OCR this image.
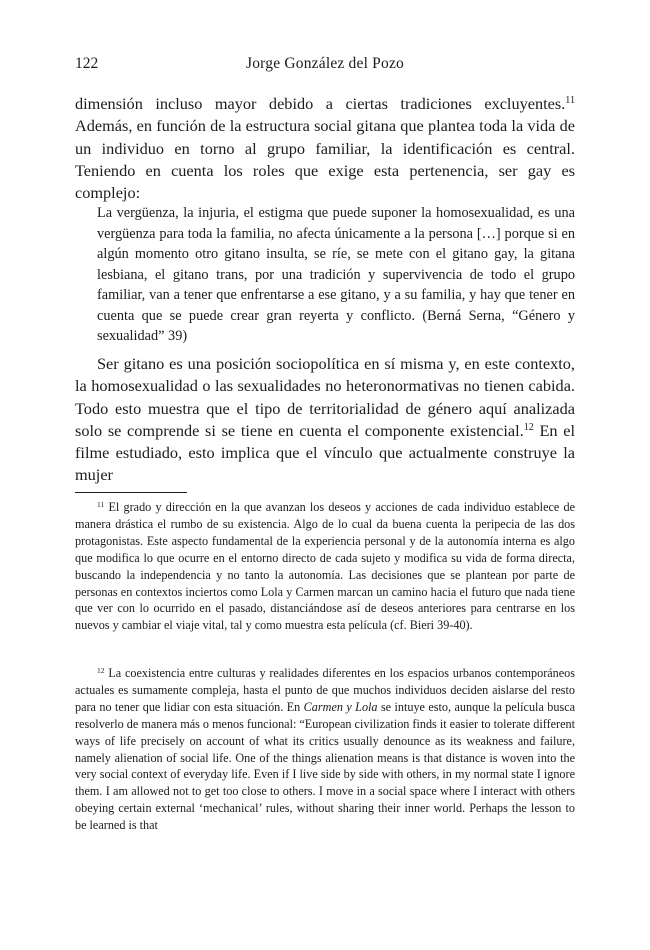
122	Jorge González del Pozo

dimensión incluso mayor debido a ciertas tradiciones excluyentes.$^{11}$ Además, en función de la estructura social gitana que plantea toda la vida de un individuo en torno al grupo familiar, la identificación es central. Teniendo en cuenta los roles que exige esta pertenencia, ser gay es complejo:

La vergüenza, la injuria, el estigma que puede suponer la homosexualidad, es una vergüenza para toda la familia, no afecta únicamente a la persona […] porque si en algún momento otro gitano insulta, se ríe, se mete con el gitano gay, la gitana lesbiana, el gitano trans, por una tradición y supervivencia de todo el grupo familiar, van a tener que enfrentarse a ese gitano, y a su familia, y hay que tener en cuenta que se puede crear gran reyerta y conflicto. (Berná Serna, “Género y sexualidad” 39)

Ser gitano es una posición sociopolítica en sí misma y, en este contexto, la homosexualidad o las sexualidades no heteronormativas no tienen cabida. Todo esto muestra que el tipo de territorialidad de género aquí analizada solo se comprende si se tiene en cuenta el componente existencial.$^{12}$ En el filme estudiado, esto implica que el vínculo que actualmente construye la mujer

$^{11}$ El grado y dirección en la que avanzan los deseos y acciones de cada individuo establece de manera drástica el rumbo de su existencia. Algo de lo cual da buena cuenta la peripecia de las dos protagonistas. Este aspecto fundamental de la experiencia personal y de la autonomía interna es algo que modifica lo que ocurre en el entorno directo de cada sujeto y modifica su vida de forma directa, buscando la independencia y no tanto la autonomía. Las decisiones que se plantean por parte de personas en contextos inciertos como Lola y Carmen marcan un camino hacia el futuro que nada tiene que ver con lo ocurrido en el pasado, distanciándose así de deseos anteriores para centrarse en los nuevos y cambiar el viaje vital, tal y como muestra esta película (cf. Bieri 39-40).

$^{12}$ La coexistencia entre culturas y realidades diferentes en los espacios urbanos contemporáneos actuales es sumamente compleja, hasta el punto de que muchos individuos deciden aislarse del resto para no tener que lidiar con esta situación. En Carmen y Lola se intuye esto, aunque la película busca resolverlo de manera más o menos funcional: “European civilization finds it easier to tolerate different ways of life precisely on account of what its critics usually denounce as its weakness and failure, namely alienation of social life. One of the things alienation means is that distance is woven into the very social context of everyday life. Even if I live side by side with others, in my normal state I ignore them. I am allowed not to get too close to others. I move in a social space where I interact with others obeying certain external ‘mechanical’ rules, without sharing their inner world. Perhaps the lesson to be learned is that
